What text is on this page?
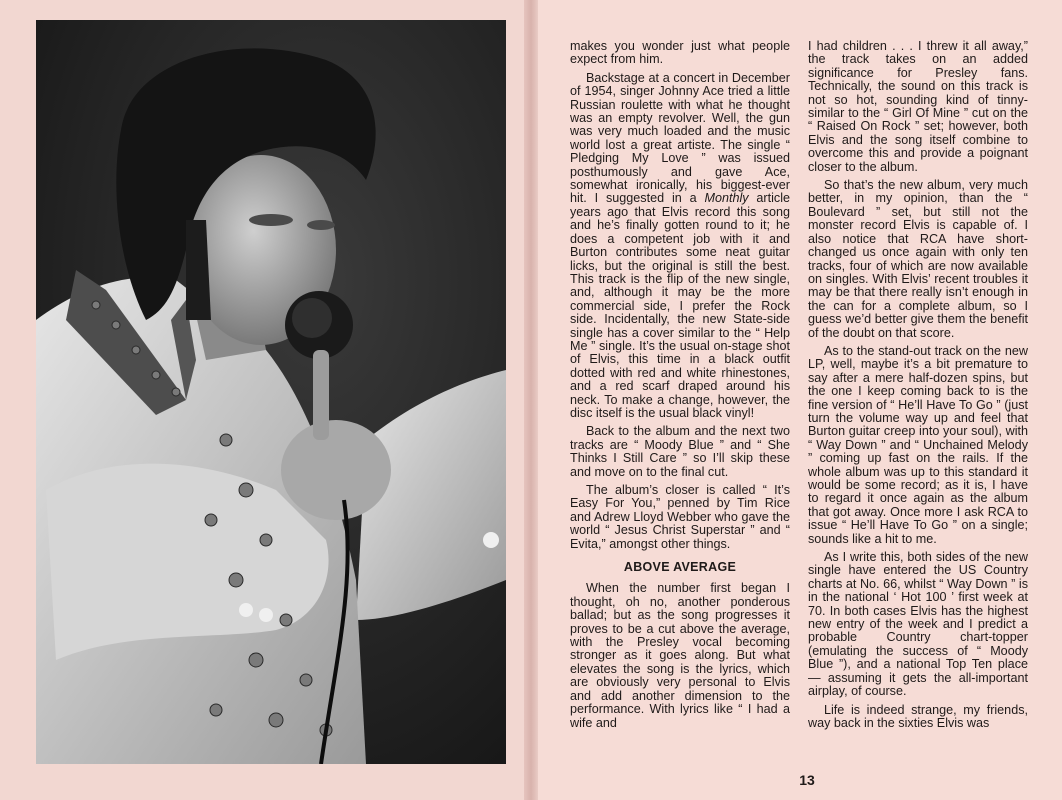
makes you wonder just what people expect from him.

Backstage at a concert in December of 1954, singer Johnny Ace tried a little Russian roulette with what he thought was an empty revolver. Well, the gun was very much loaded and the music world lost a great artiste. The single “ Pledging My Love ” was issued posthumously and gave Ace, somewhat ironically, his biggest-ever hit. I suggested in a Monthly article years ago that Elvis record this song and he’s finally gotten round to it; he does a competent job with it and Burton contributes some neat guitar licks, but the original is still the best. This track is the flip of the new single, and, although it may be the more commercial side, I prefer the Rock side. Incidentally, the new State-side single has a cover similar to the “ Help Me ” single. It’s the usual on-stage shot of Elvis, this time in a black outfit dotted with red and white rhinestones, and a red scarf draped around his neck. To make a change, however, the disc itself is the usual black vinyl!

Back to the album and the next two tracks are “ Moody Blue ” and “ She Thinks I Still Care ” so I’ll skip these and move on to the final cut.

The album’s closer is called “ It’s Easy For You,” penned by Tim Rice and Adrew Lloyd Webber who gave the world “ Jesus Christ Superstar ” and “ Evita,” amongst other things.

ABOVE AVERAGE

When the number first began I thought, oh no, another ponderous ballad; but as the song progresses it proves to be a cut above the average, with the Presley vocal becoming stronger as it goes along. But what elevates the song is the lyrics, which are obviously very personal to Elvis and add another dimension to the performance. With lyrics like “ I had a wife and

I had children . . . I threw it all away,” the track takes on an added significance for Presley fans. Technically, the sound on this track is not so hot, sounding kind of tinny-similar to the “ Girl Of Mine ” cut on the “ Raised On Rock ” set; however, both Elvis and the song itself combine to overcome this and provide a poignant closer to the album.

So that’s the new album, very much better, in my opinion, than the “ Boulevard ” set, but still not the monster record Elvis is capable of. I also notice that RCA have short-changed us once again with only ten tracks, four of which are now available on singles. With Elvis’ recent troubles it may be that there really isn’t enough in the can for a complete album, so I guess we’d better give them the benefit of the doubt on that score.

As to the stand-out track on the new LP, well, maybe it’s a bit premature to say after a mere half-dozen spins, but the one I keep coming back to is the fine version of “ He’ll Have To Go ” (just turn the volume way up and feel that Burton guitar creep into your soul), with “ Way Down ” and “ Unchained Melody ” coming up fast on the rails. If the whole album was up to this standard it would be some record; as it is, I have to regard it once again as the album that got away. Once more I ask RCA to issue “ He’ll Have To Go ” on a single; sounds like a hit to me.

As I write this, both sides of the new single have entered the US Country charts at No. 66, whilst “ Way Down ” is in the national ‘ Hot 100 ’ first week at 70. In both cases Elvis has the highest new entry of the week and I predict a probable Country chart-topper (emulating the success of “ Moody Blue ”), and a national Top Ten place — assuming it gets the all-important airplay, of course.

Life is indeed strange, my friends, way back in the sixties Elvis was

13
